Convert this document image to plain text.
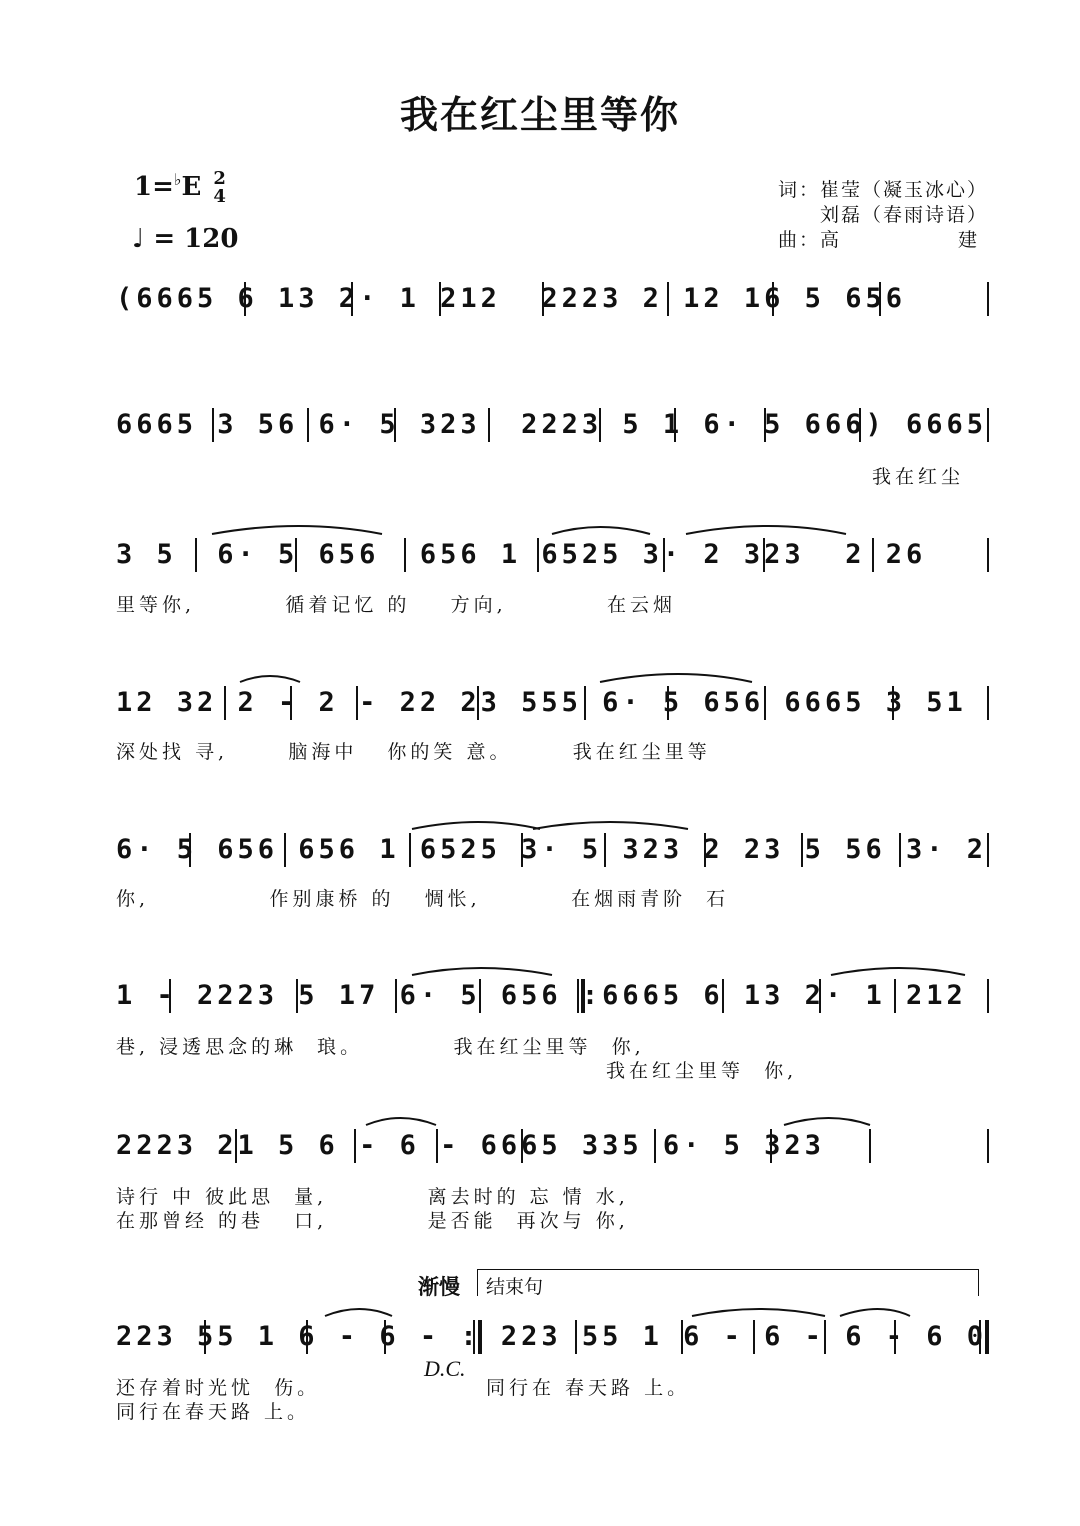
我在红尘里等你
1=♭E 2
4
♩ = 120
词：崔莹（凝玉冰心）
刘磊（春雨诗语）
曲：高	建
(6665 6 13 2· 1 212  2223 2 12 16 5 656
6665 3 56 6· 5 323  2223 5 1 6· 5 666) 6665
我在红尘
3 5  6· 5 656  656 1 6525 3· 2 323  2 26
里等你,         循着记忆 的    方向,          在云烟
12 32 2 - 2 - 22 23 555 6· 5 656 6665 3 51
深处找 寻,      脑海中   你的笑 意。      我在红尘里等
6· 5 656 656 1 6525 3· 5 323 2 23 5 56 3· 2
你,            作别康桥 的   惆怅,         在烟雨青阶  石
1 - 2223 5 17 6· 5 656 :6665 6 13 2· 1 212
巷, 浸透思念的琳  琅。         我在红尘里等  你,
我在红尘里等  你,
2223 21 5 6 - 6 - 6665 335 6· 5 323
诗行 中 彼此思  量,          离去时的 忘 情 水,
在那曾经 的巷   口,          是否能  再次与 你,
渐慢 结束句
223 55 1 6 - 6 - : 223 55 1 6 - 6 - 6 - 6 0
D.C.
还存着时光忧  伤。
同行在春天路 上。
同行在 春天路 上。
